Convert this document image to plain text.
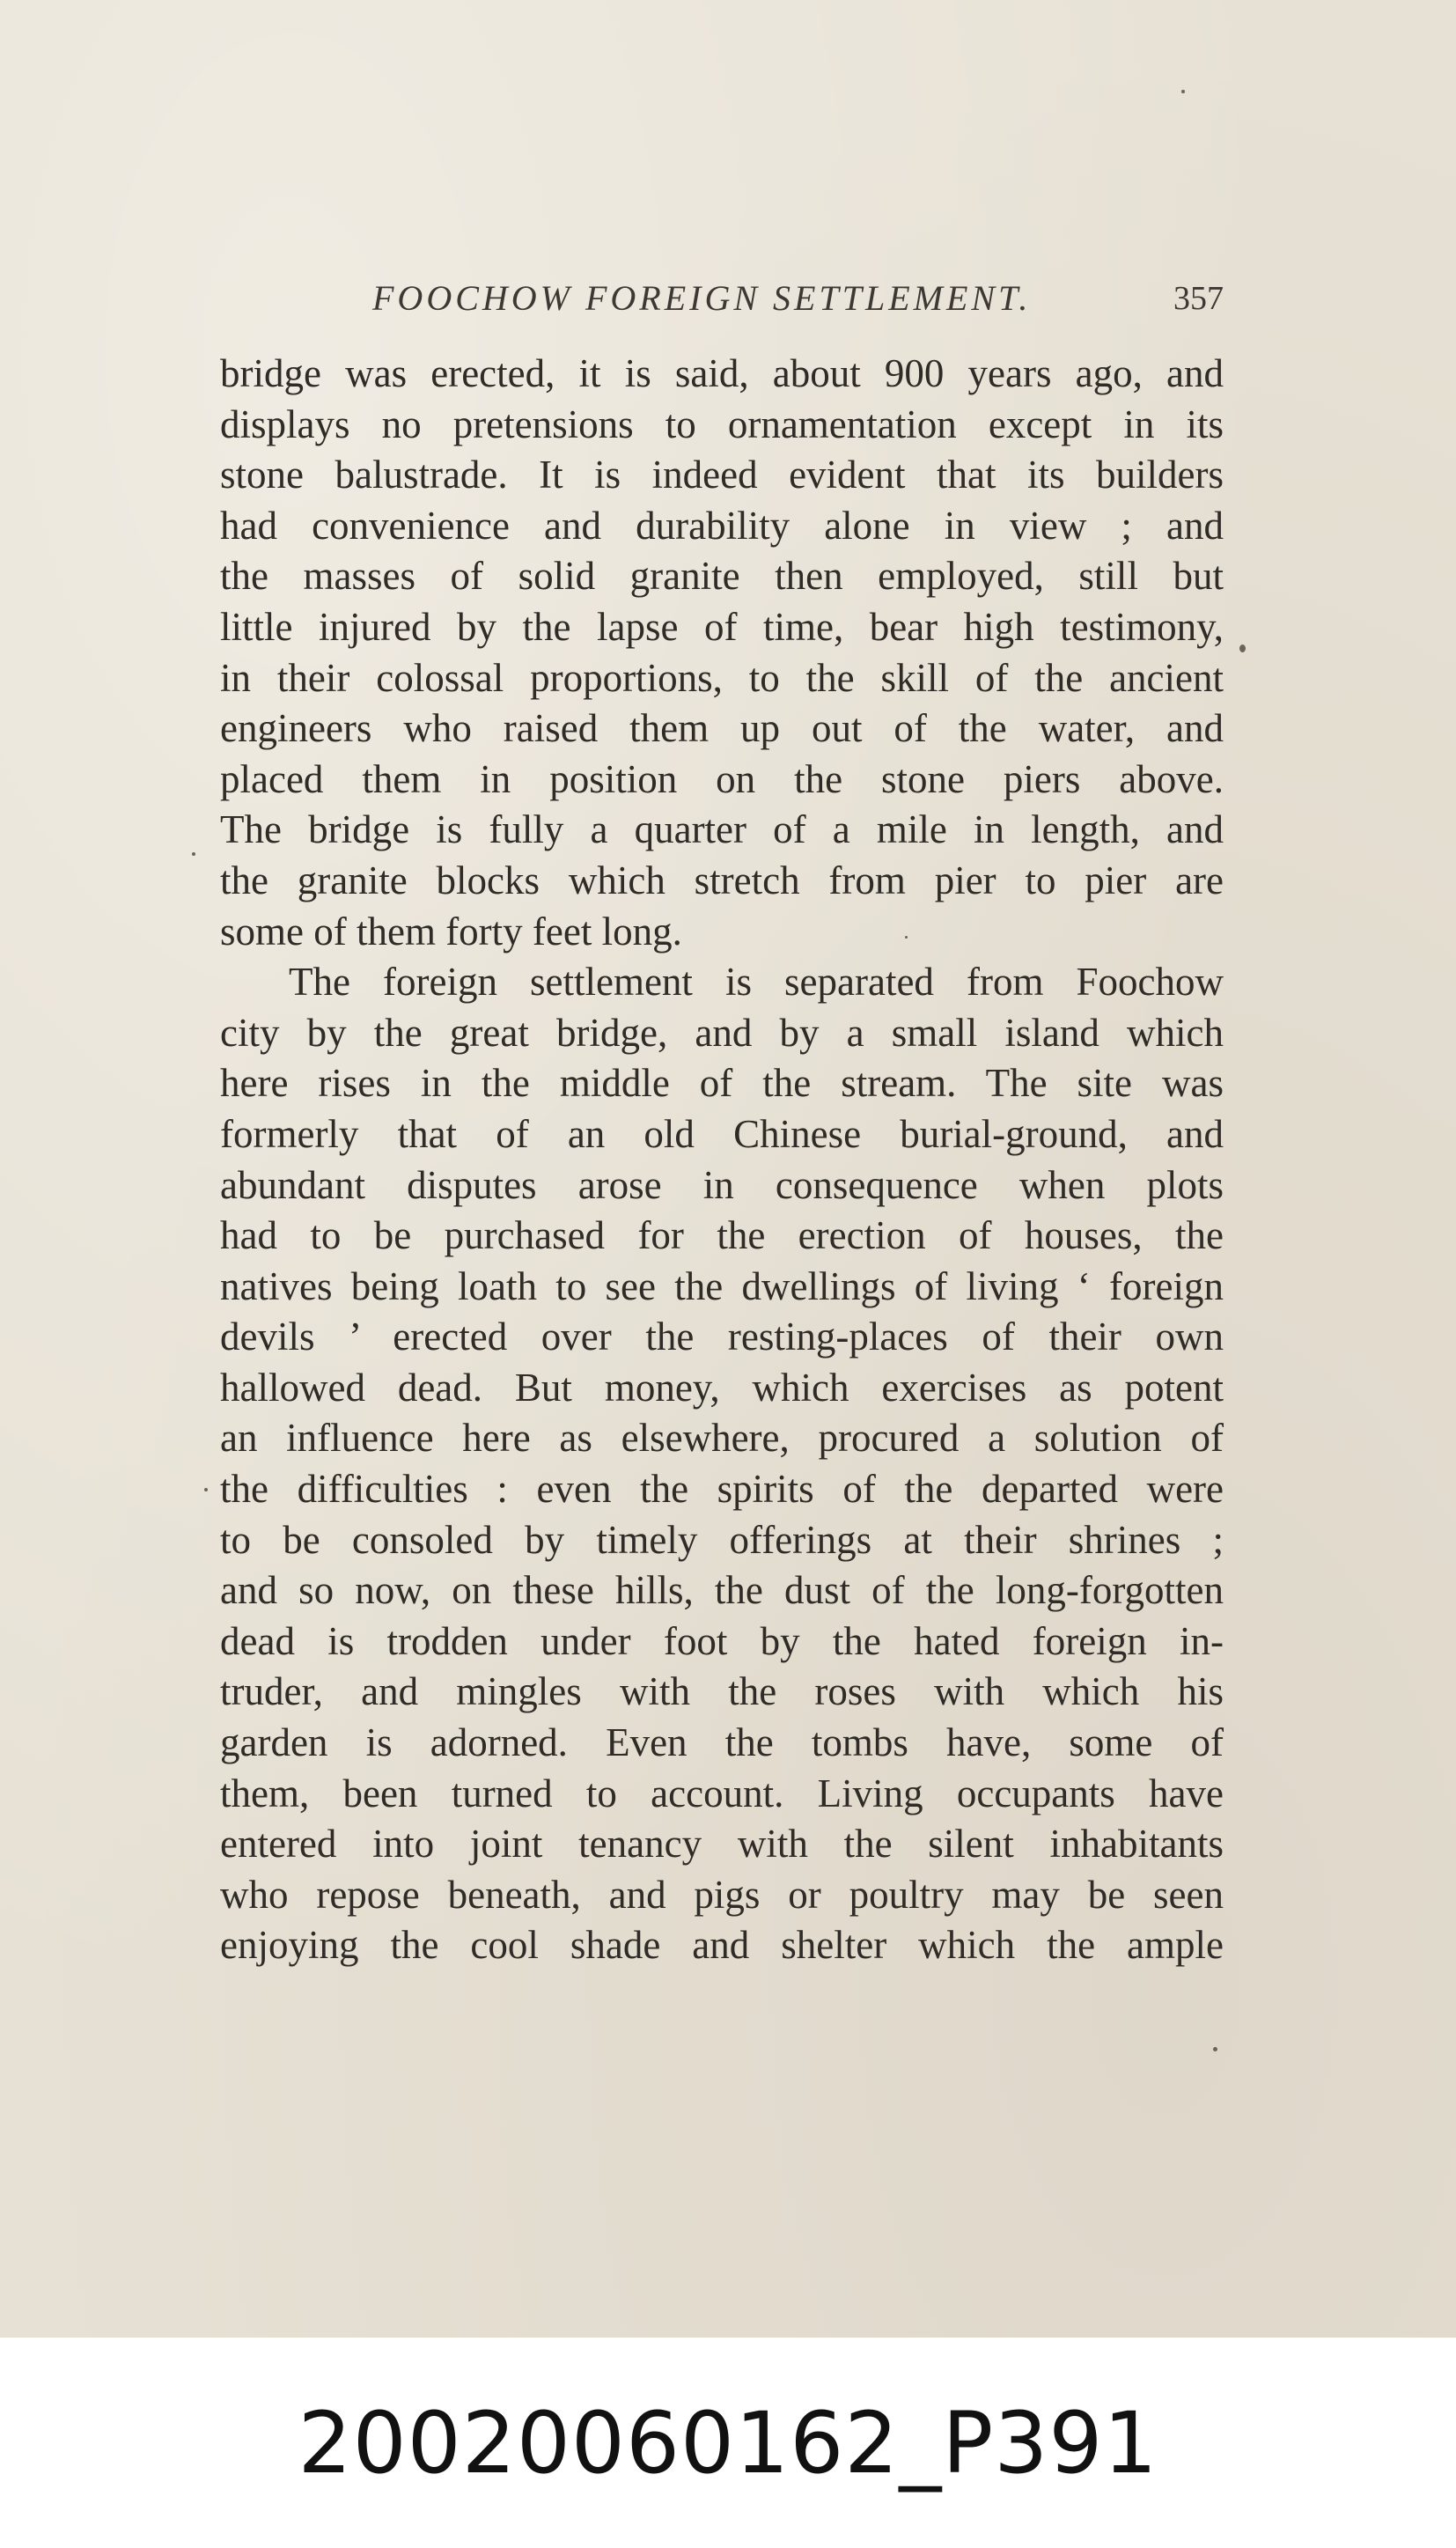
FOOCHOW FOREIGN SETTLEMENT.	357
bridge was erected, it is said, about 900 years ago, and
displays no pretensions to ornamentation except in its
stone balustrade. It is indeed evident that its builders
had convenience and durability alone in view ; and
the masses of solid granite then employed, still but
little injured by the lapse of time, bear high testimony,
in their colossal proportions, to the skill of the ancient
engineers who raised them up out of the water, and
placed them in position on the stone piers above.
The bridge is fully a quarter of a mile in length, and
the granite blocks which stretch from pier to pier are
some of them forty feet long.
The foreign settlement is separated from Foochow
city by the great bridge, and by a small island which
here rises in the middle of the stream. The site was
formerly that of an old Chinese burial-ground, and
abundant disputes arose in consequence when plots
had to be purchased for the erection of houses, the
natives being loath to see the dwellings of living ‘ foreign
devils ’ erected over the resting-places of their own
hallowed dead. But money, which exercises as potent
an influence here as elsewhere, procured a solution of
the difficulties : even the spirits of the departed were
to be consoled by timely offerings at their shrines ;
and so now, on these hills, the dust of the long-forgotten
dead is trodden under foot by the hated foreign in-
truder, and mingles with the roses with which his
garden is adorned. Even the tombs have, some of
them, been turned to account. Living occupants have
entered into joint tenancy with the silent inhabitants
who repose beneath, and pigs or poultry may be seen
enjoying the cool shade and shelter which the ample
20020060162_P391
